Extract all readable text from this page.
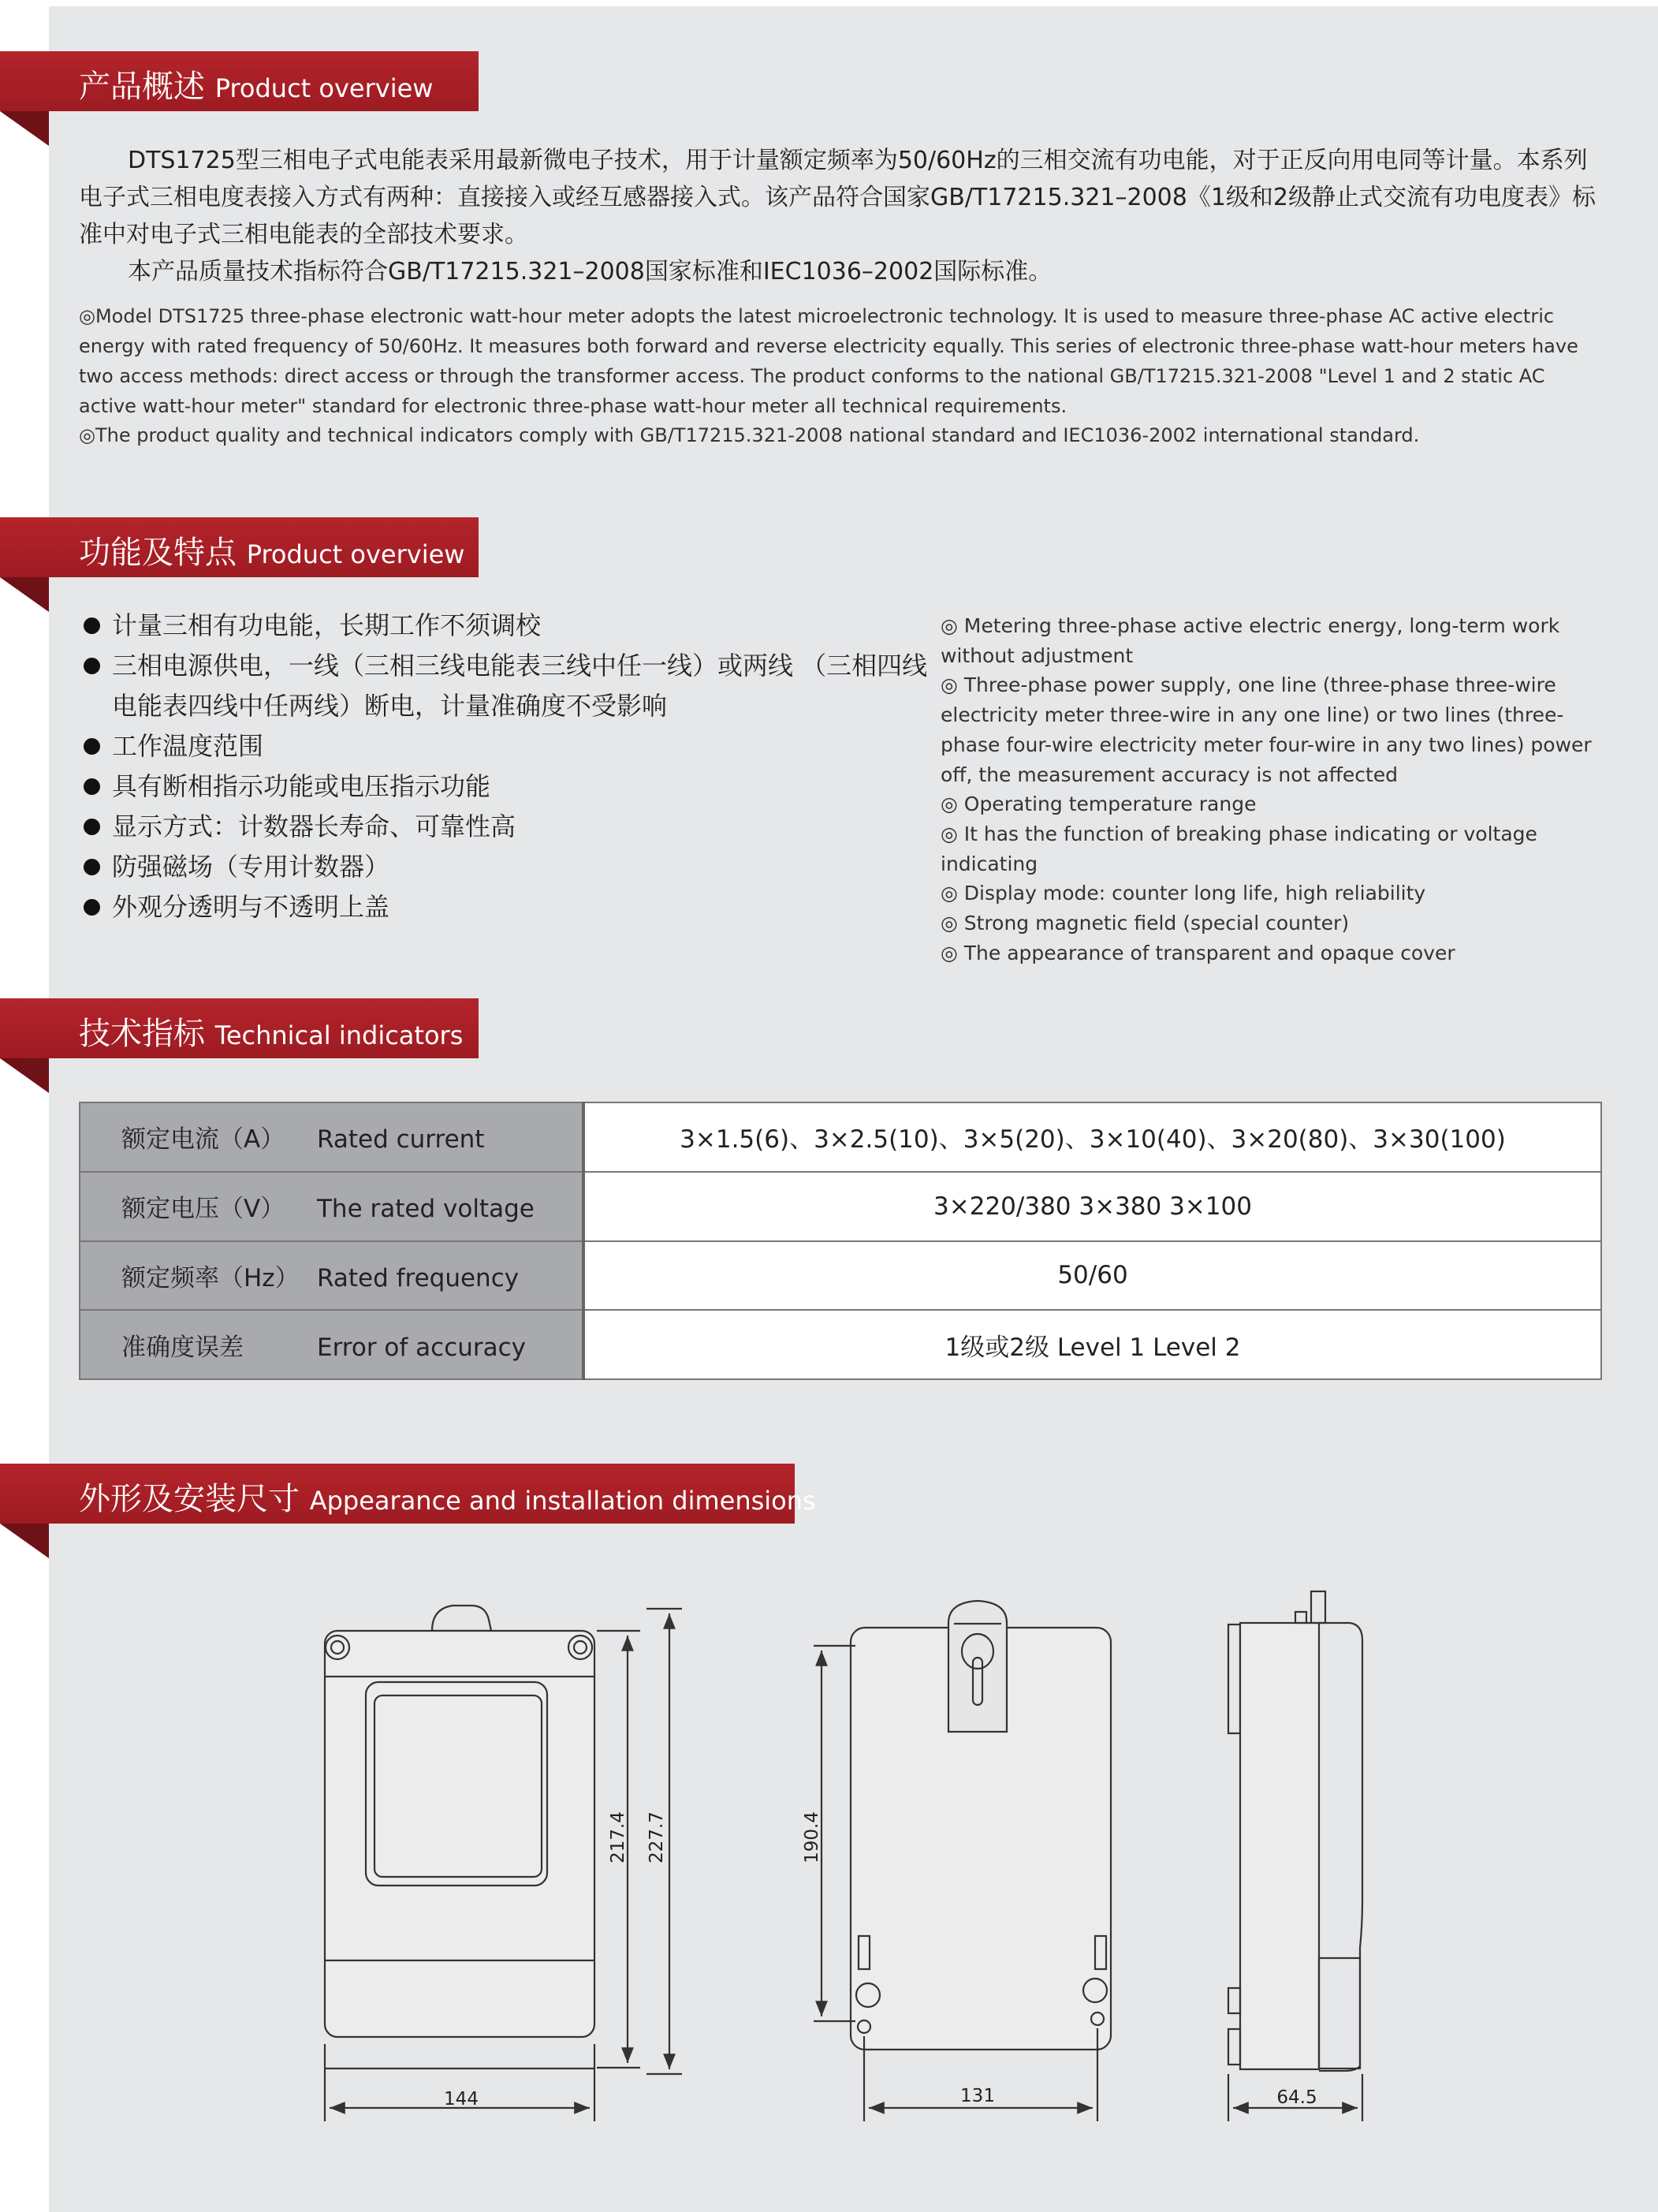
产品概述 Product overview
DTS1725型三相电子式电能表采用最新微电子技术，用于计量额定频率为50/60Hz的三相交流有功电能，对于正反向用电同等计量。本系列电子式三相电度表接入方式有两种：直接接入或经互感器接入式。该产品符合国家GB/T17215.321–2008《1级和2级静止式交流有功电度表》标准中对电子式三相电能表的全部技术要求。
本产品质量技术指标符合GB/T17215.321–2008国家标准和IEC1036–2002国际标准。
◎Model DTS1725 three-phase electronic watt-hour meter adopts the latest microelectronic technology. It is used to measure three-phase AC active electric energy with rated frequency of 50/60Hz. It measures both forward and reverse electricity equally. This series of electronic three-phase watt-hour meters have two access methods: direct access or through the transformer access. The product conforms to the national GB/T17215.321-2008 "Level 1 and 2 static AC active watt-hour meter" standard for electronic three-phase watt-hour meter all technical requirements.
◎The product quality and technical indicators comply with GB/T17215.321-2008 national standard and IEC1036-2002 international standard.
功能及特点 Product overview
计量三相有功电能，长期工作不须调校
三相电源供电，一线（三相三线电能表三线中任一线）或两线 （三相四线电能表四线中任两线）断电，计量准确度不受影响
工作温度范围
具有断相指示功能或电压指示功能
显示方式：计数器长寿命、可靠性高
防强磁场（专用计数器）
外观分透明与不透明上盖
◎ Metering three-phase active electric energy, long-term work without adjustment
◎ Three-phase power supply, one line (three-phase three-wire electricity meter three-wire in any one line) or two lines (three-phase four-wire electricity meter four-wire in any two lines) power off, the measurement accuracy is not affected
◎ Operating temperature range
◎ It has the function of breaking phase indicating or voltage indicating
◎ Display mode: counter long life, high reliability
◎ Strong magnetic field (special counter)
◎ The appearance of transparent and opaque cover
技术指标 Technical indicators
额定电流（A） Rated current	3×1.5(6)、3×2.5(10)、3×5(20)、3×10(40)、3×20(80)、3×30(100)
额定电压（V） The rated voltage	3×220/380 3×380 3×100
额定频率（Hz） Rated frequency	50/60
准确度误差 Error of accuracy	1级或2级 Level 1 Level 2
外形及安装尺寸 Appearance and installation dimensions
144
217.4 227.7	190.4
131	64.5
